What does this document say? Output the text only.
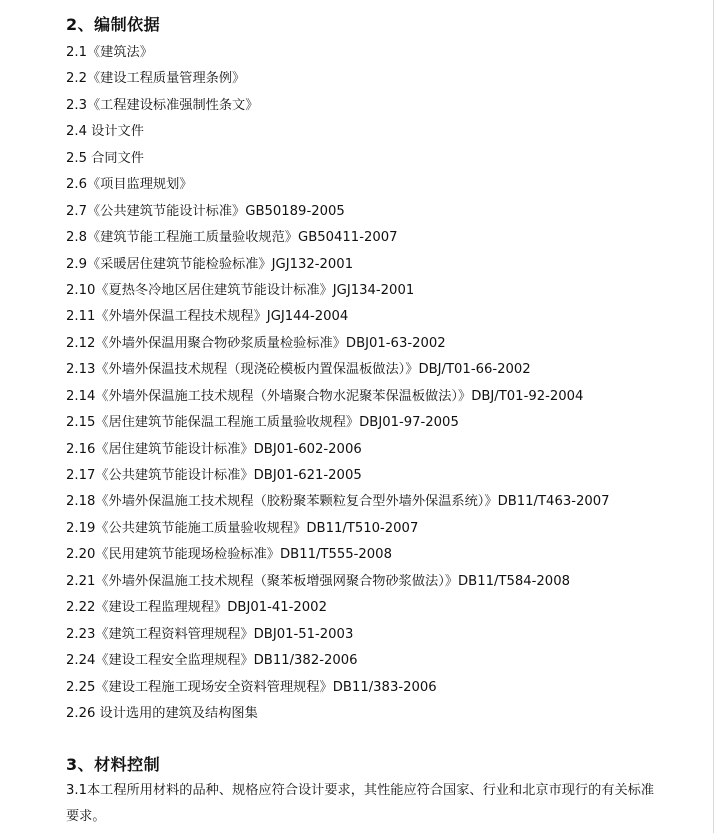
2、编制依据
2.1《建筑法》
2.2《建设工程质量管理条例》
2.3《工程建设标准强制性条文》
2.4 设计文件
2.5 合同文件
2.6《项目监理规划》
2.7《公共建筑节能设计标准》GB50189-2005
2.8《建筑节能工程施工质量验收规范》GB50411-2007
2.9《采暖居住建筑节能检验标准》JGJ132-2001
2.10《夏热冬冷地区居住建筑节能设计标准》JGJ134-2001
2.11《外墙外保温工程技术规程》JGJ144-2004
2.12《外墙外保温用聚合物砂浆质量检验标准》DBJ01-63-2002
2.13《外墙外保温技术规程（现浇砼模板内置保温板做法）》DBJ/T01-66-2002
2.14《外墙外保温施工技术规程（外墙聚合物水泥聚苯保温板做法）》DBJ/T01-92-2004
2.15《居住建筑节能保温工程施工质量验收规程》DBJ01-97-2005
2.16《居住建筑节能设计标准》DBJ01-602-2006
2.17《公共建筑节能设计标准》DBJ01-621-2005
2.18《外墙外保温施工技术规程（胶粉聚苯颗粒复合型外墙外保温系统）》DB11/T463-2007
2.19《公共建筑节能施工质量验收规程》DB11/T510-2007
2.20《民用建筑节能现场检验标准》DB11/T555-2008
2.21《外墙外保温施工技术规程（聚苯板增强网聚合物砂浆做法）》DB11/T584-2008
2.22《建设工程监理规程》DBJ01-41-2002
2.23《建筑工程资料管理规程》DBJ01-51-2003
2.24《建设工程安全监理规程》DB11/382-2006
2.25《建设工程施工现场安全资料管理规程》DB11/383-2006
2.26 设计选用的建筑及结构图集
3、材料控制

3.1本工程所用材料的品种、规格应符合设计要求，其性能应符合国家、行业和北京市现行的有关标准要求。
